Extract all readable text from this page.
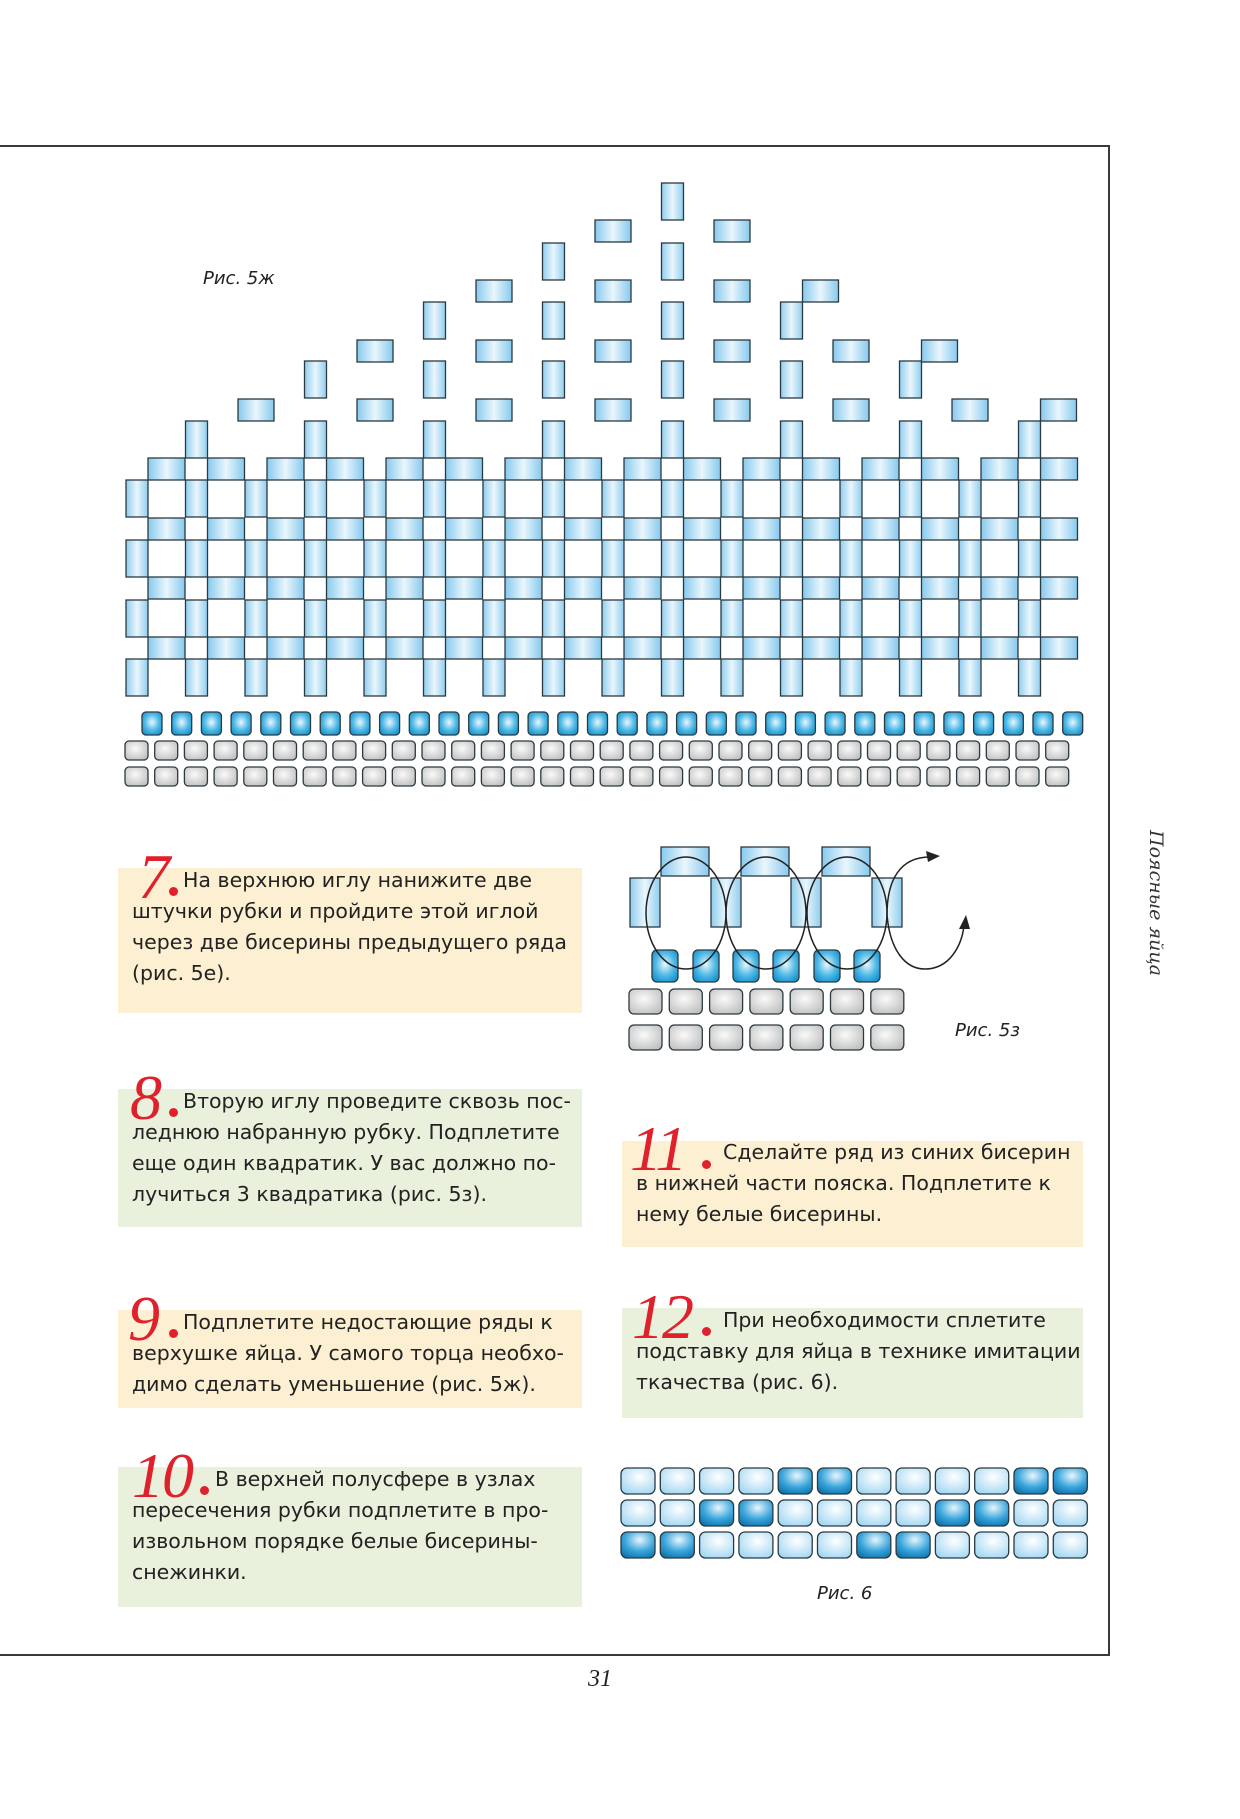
Поясные яйца
31
Рис. 5ж
Рис. 5з
Рис. 6
7 На верхнюю иглу нанижите две
штучки рубки и пройдите этой иглой
через две бисерины предыдущего ряда
(рис. 5е).
8 Вторую иглу проведите сквозь пос-
леднюю набранную рубку. Подплетите
еще один квадратик. У вас должно по-
лучиться 3 квадратика (рис. 5з).
9 Подплетите недостающие ряды к
верхушке яйца. У самого торца необхо-
димо сделать уменьшение (рис. 5ж).
10 В верхней полусфере в узлах
пересечения рубки подплетите в про-
извольном порядке белые бисерины-
снежинки.
11 Сделайте ряд из синих бисерин
в нижней части пояска. Подплетите к
нему белые бисерины.
12 При необходимости сплетите
подставку для яйца в технике имитации
ткачества (рис. 6).
